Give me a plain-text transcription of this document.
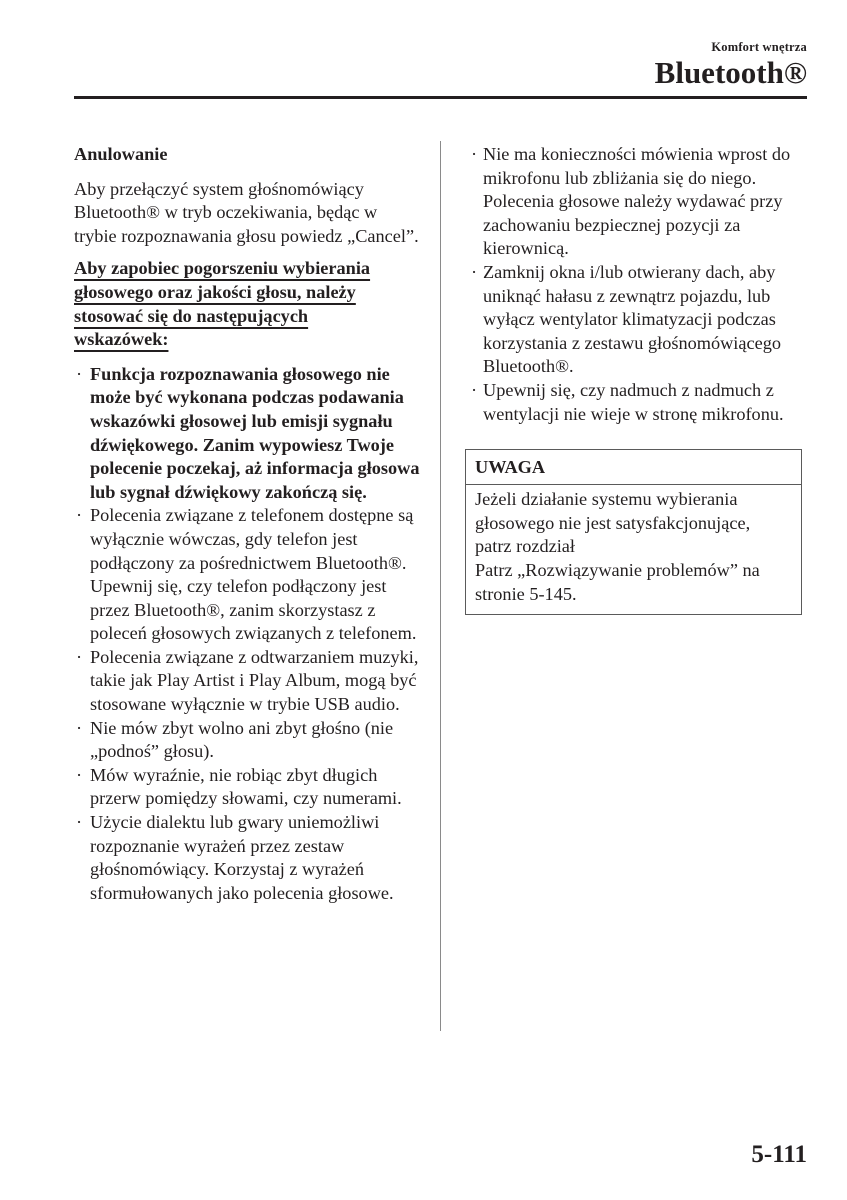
Komfort wnętrza
Bluetooth®
Anulowanie
Aby przełączyć system głośnomówiący Bluetooth® w tryb oczekiwania, będąc w trybie rozpoznawania głosu powiedz „Cancel”.
Aby zapobiec pogorszeniu wybierania głosowego oraz jakości głosu, należy stosować się do następujących wskazówek:
· Funkcja rozpoznawania głosowego nie może być wykonana podczas podawania wskazówki głosowej lub emisji sygnału dźwiękowego. Zanim wypowiesz Twoje polecenie poczekaj, aż informacja głosowa lub sygnał dźwiękowy zakończą się.
· Polecenia związane z telefonem dostępne są wyłącznie wówczas, gdy telefon jest podłączony za pośrednictwem Bluetooth®. Upewnij się, czy telefon podłączony jest przez Bluetooth®, zanim skorzystasz z poleceń głosowych związanych z telefonem.
· Polecenia związane z odtwarzaniem muzyki, takie jak Play Artist i Play Album, mogą być stosowane wyłącznie w trybie USB audio.
· Nie mów zbyt wolno ani zbyt głośno (nie „podnoś” głosu).
· Mów wyraźnie, nie robiąc zbyt długich przerw pomiędzy słowami, czy numerami.
· Użycie dialektu lub gwary uniemożliwi rozpoznanie wyrażeń przez zestaw głośnomówiący. Korzystaj z wyrażeń sformułowanych jako polecenia głosowe.
· Nie ma konieczności mówienia wprost do mikrofonu lub zbliżania się do niego. Polecenia głosowe należy wydawać przy zachowaniu bezpiecznej pozycji za kierownicą.
· Zamknij okna i/lub otwierany dach, aby uniknąć hałasu z zewnątrz pojazdu, lub wyłącz wentylator klimatyzacji podczas korzystania z zestawu głośnomówiącego Bluetooth®.
· Upewnij się, czy nadmuch z nadmuch z wentylacji nie wieje w stronę mikrofonu.
UWAGA
Jeżeli działanie systemu wybierania
głosowego nie jest satysfakcjonujące,
patrz rozdział
Patrz „Rozwiązywanie problemów” na
stronie 5-145.
5-111
